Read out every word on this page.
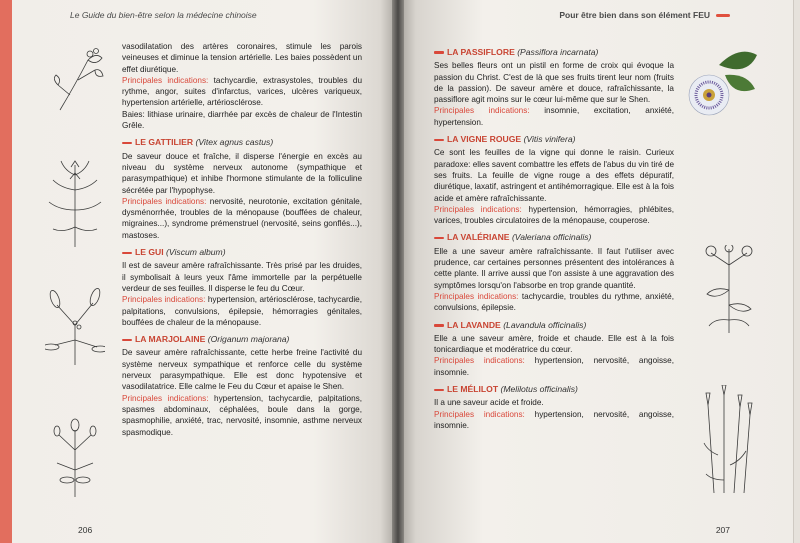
Le Guide du bien-être selon la médecine chinoise

vasodilatation des artères coronaires, stimule les parois veineuses et diminue la tension artérielle. Les baies possèdent un effet diurétique.

Principales indications: tachycardie, extrasystoles, troubles du rythme, angor, suites d'infarctus, varices, ulcères variqueux, hypertension artérielle, artériosclérose.

Baies: lithiase urinaire, diarrhée par excès de chaleur de l'Intestin Grêle.

LE GATTILIER (Vitex agnus castus)

De saveur douce et fraîche, il disperse l'énergie en excès au niveau du système nerveux autonome (sympathique et parasympathique) et inhibe l'hormone stimulante de la folliculine sécrétée par l'hypophyse.

Principales indications: nervosité, neurotonie, excitation génitale, dysménorrhée, troubles de la ménopause (bouffées de chaleur, migraines...), syndrome prémenstruel (nervosité, seins gonflés...), mastoses.

LE GUI (Viscum album)

Il est de saveur amère rafraîchissante. Très prisé par les druides, il symbolisait à leurs yeux l'âme immortelle par la perpétuelle verdeur de ses feuilles. Il disperse le feu du Cœur.

Principales indications: hypertension, artériosclérose, tachycardie, palpitations, convulsions, épilepsie, hémorragies génitales, bouffées de chaleur de la ménopause.

LA MARJOLAINE (Origanum majorana)

De saveur amère rafraîchissante, cette herbe freine l'activité du système nerveux sympathique et renforce celle du système nerveux parasympathique. Elle est donc hypotensive et vasodilatatrice. Elle calme le Feu du Cœur et apaise le Shen.

Principales indications: hypertension, tachycardie, palpitations, spasmes abdominaux, céphalées, boule dans la gorge, spasmophilie, anxiété, trac, nervosité, insomnie, asthme nerveux spasmodique.

206
Pour être bien dans son élément FEU
LA PASSIFLORE (Passiflora incarnata)

Ses belles fleurs ont un pistil en forme de croix qui évoque la passion du Christ. C'est de là que ses fruits tirent leur nom (fruits de la passion). De saveur amère et douce, rafraîchissante, la passiflore agit moins sur le cœur lui-même que sur le Shen.

Principales indications: insomnie, excitation, anxiété, hypertension.

LA VIGNE ROUGE (Vitis vinifera)

Ce sont les feuilles de la vigne qui donne le raisin. Curieux paradoxe: elles savent combattre les effets de l'abus du vin tiré de ses fruits. La feuille de vigne rouge a des effets dépuratif, diurétique, laxatif, astringent et antihémorragique. Elle est à la fois acide et amère rafraîchissante.

Principales indications: hypertension, hémorragies, phlébites, varices, troubles circulatoires de la ménopause, couperose.

LA VALÉRIANE (Valeriana officinalis)

Elle a une saveur amère rafraîchissante. Il faut l'utiliser avec prudence, car certaines personnes présentent des intolérances à cette plante. Il arrive aussi que l'on assiste à une aggravation des symptômes lorsqu'on l'absorbe en trop grande quantité.

Principales indications: tachycardie, troubles du rythme, anxiété, convulsions, épilepsie.

LA LAVANDE (Lavandula officinalis)

Elle a une saveur amère, froide et chaude. Elle est à la fois tonicardiaque et modératrice du cœur.

Principales indications: hypertension, nervosité, angoisse, insomnie.

LE MÉLILOT (Melilotus officinalis)

Il a une saveur acide et froide.

Principales indications: hypertension, nervosité, angoisse, insomnie.

207
